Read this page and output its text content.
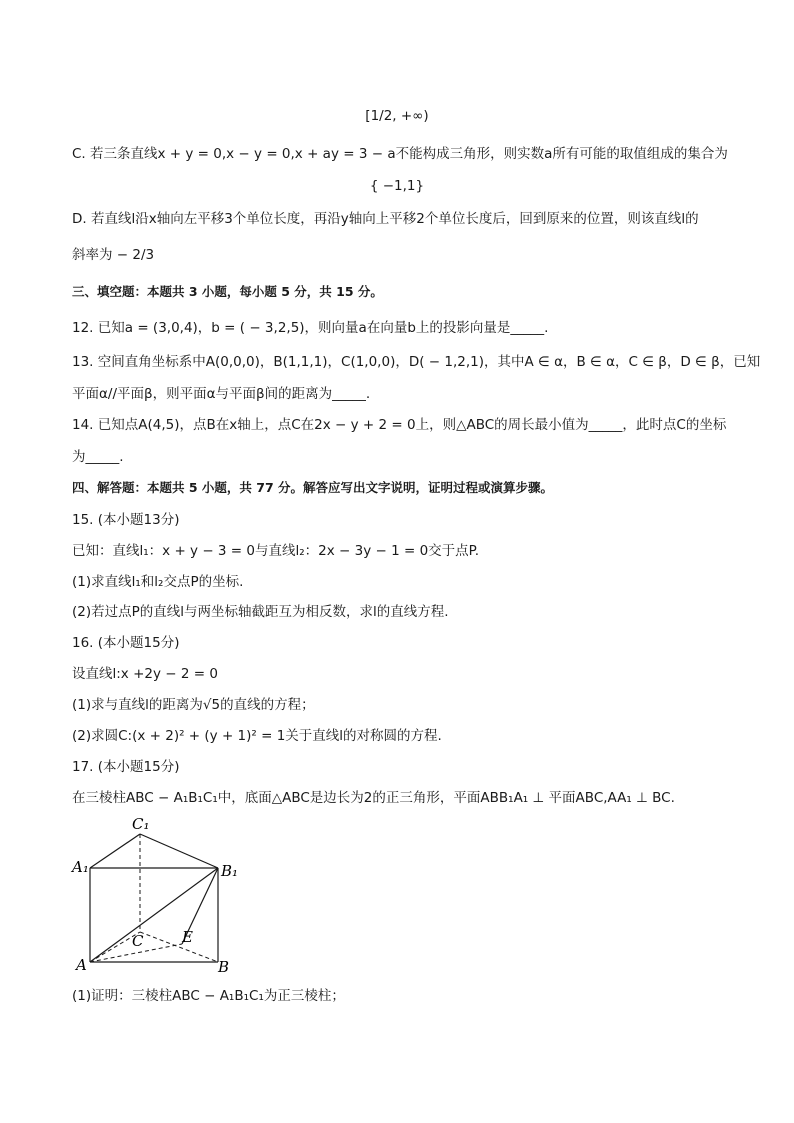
[1/2, +∞)
C. 若三条直线x + y = 0,x − y = 0,x + ay = 3 − a不能构成三角形，则实数a所有可能的取值组成的集合为
{ −1,1}
D. 若直线l沿x轴向左平移3个单位长度，再沿y轴向上平移2个单位长度后，回到原来的位置，则该直线l的
斜率为 − 2/3
三、填空题：本题共 3 小题，每小题 5 分，共 15 分。
12. 已知a = (3,0,4)，b = ( − 3,2,5)，则向量a在向量b上的投影向量是_____.
13. 空间直角坐标系中A(0,0,0)，B(1,1,1)，C(1,0,0)，D( − 1,2,1)，其中A ∈ α，B ∈ α，C ∈ β，D ∈ β，已知
平面α//平面β，则平面α与平面β间的距离为_____.
14. 已知点A(4,5)，点B在x轴上，点C在2x − y + 2 = 0上，则△ABC的周长最小值为_____，此时点C的坐标
为_____.
四、解答题：本题共 5 小题，共 77 分。解答应写出文字说明，证明过程或演算步骤。
15. (本小题13分)
已知：直线l₁：x + y − 3 = 0与直线l₂：2x − 3y − 1 = 0交于点P.
(1)求直线l₁和l₂交点P的坐标.
(2)若过点P的直线l与两坐标轴截距互为相反数，求l的直线方程.
16. (本小题15分)
设直线l:x +2y − 2 = 0
(1)求与直线l的距离为√5的直线的方程；
(2)求圆C:(x + 2)² + (y + 1)² = 1关于直线l的对称圆的方程.
17. (本小题15分)
在三棱柱ABC − A₁B₁C₁中，底面△ABC是边长为2的正三角形，平面ABB₁A₁ ⊥ 平面ABC,AA₁ ⊥ BC.
C₁
A₁	B₁
C	E
A	B
(1)证明：三棱柱ABC − A₁B₁C₁为正三棱柱；
